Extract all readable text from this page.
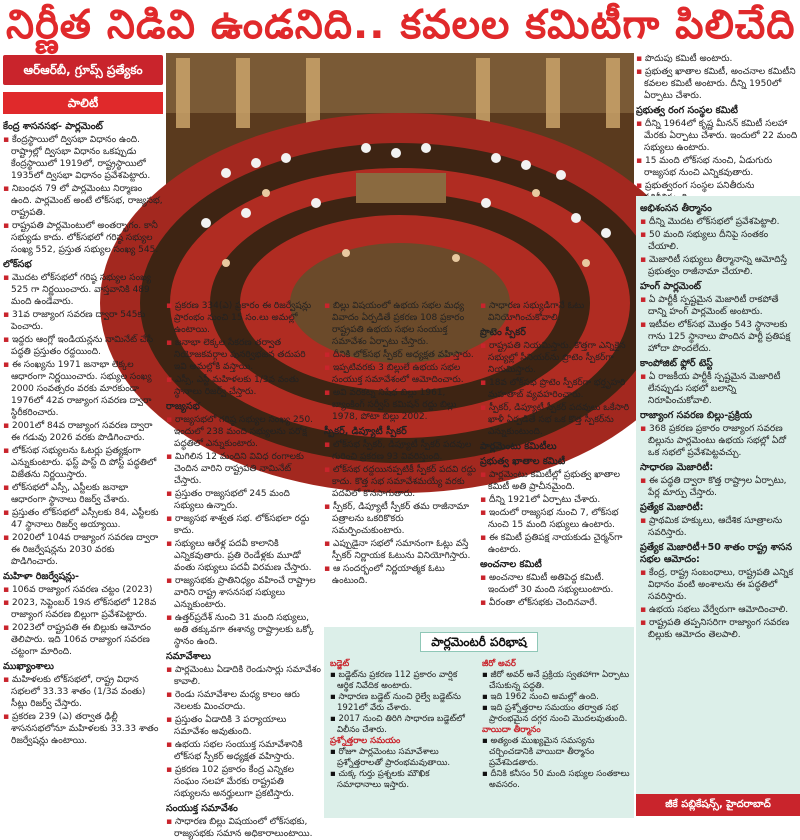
నిర్ణీత నిడివి ఉండనిది.. కవలల కమిటీగా పిలిచేది
ఆర్‌ఆర్‌బీ, గ్రూప్స్ ప్రత్యేకం
పాలిటీ

కేంద్ర శాసనసభ- పార్లమెంట్

▪ కేంద్రస్థాయిలో ద్విసభా విధానం ఉంది. రాష్ట్రాల్లో ద్విసభా విధానం ఒకప్పుడు కేంద్రస్థాయిలో 1919లో, రాష్ట్రస్థాయిలో 1935లో ద్విసభా విధానం ప్రవేశపెట్టారు.

▪ నిబంధన 79 లో పార్లమెంటు నిర్మాణం ఉంది. పార్లమెంట్ అంటే లోక్‌సభ, రాజ్యసభ, రాష్ట్రపతి.

▪ రాష్ట్రపతి పార్లమెంటులో అంతర్భాగం. కానీ సభ్యుడు కాదు. లోక్‌సభలో గరిష్ఠ సభ్యుల సంఖ్య 552, ప్రస్తుత సభ్యుల సంఖ్య 545.

లోక్‌సభ

▪ మొదట లోక్‌సభలో గరిష్ఠ సభ్యుల సంఖ్య 525 గా నిర్ణయించారు. వాస్తవానికి 489 మంది ఉండేవారు.

▪ 31వ రాజ్యాంగ సవరణ ద్వారా 545కు పెంచారు.

▪ ఇద్దరు ఆంగ్లో ఇండియన్లను నామినేట్ చేసే పద్ధతి ప్రస్తుతం రద్దయింది.

▪ ఈ సంఖ్యను 1971 జనాభా లెక్కల ఆధారంగా నిర్ణయించారు. సభ్యుల సంఖ్య 2000 సంవత్సరం వరకు మారకుండా 1976లో 42వ రాజ్యాంగ సవరణ ద్వారా స్థిరీకరించారు.

▪ 2001లో 84వ రాజ్యాంగ సవరణ ద్వారా ఈ గడువు 2026 వరకు పొడిగించారు.

▪ లోక్‌సభ సభ్యులను ఓటర్లు ప్రత్యక్షంగా ఎన్నుకుంటారు. ఫస్ట్ పాస్ట్ ది పోస్ట్ పద్ధతిలో విజేతను నిర్ణయిస్తారు.

▪ లోక్‌సభలో ఎస్సీ, ఎస్టీలకు జనాభా ఆధారంగా స్థానాలు రిజర్వ్ చేశారు.

▪ ప్రస్తుతం లోక్‌సభలో ఎస్సీలకు 84, ఎస్టీలకు 47 స్థానాలు రిజర్వ్ అయ్యాయి.

▪ 2020లో 104వ రాజ్యాంగ సవరణ ద్వారా ఈ రిజర్వేషన్లను 2030 వరకు పొడిగించారు.

మహిళా రిజర్వేషన్లు-

▪ 106వ రాజ్యాంగ సవరణ చట్టం (2023)

▪ 2023, సెప్టెంబర్ 19న లోక్‌సభలో 128వ రాజ్యాంగ సవరణ బిల్లుగా ప్రవేశపెట్టారు.

▪ 2023లో రాష్ట్రపతి ఈ బిల్లుకు ఆమోదం తెలిపారు. ఇది 106వ రాజ్యాంగ సవరణ చట్టంగా మారింది.

ముఖ్యాంశాలు

▪ మహిళలకు లోక్‌సభలో, రాష్ట్ర విధాన సభలలో 33.33 శాతం (1/3వ వంతు) సీట్లు రిజర్వ్ చేస్తారు.

▪ ప్రకరణ 239 (ఎ) తర్వాత ఢిల్లీ శాసనసభలోనూ మహిళలకు 33.33 శాతం రిజర్వేషన్లు ఉంటాయి.

▪ ప్రకరణ 334(ఎ) ప్రకారం ఈ రిజర్వేషన్లు ప్రారంభం నుంచి 15 సం.లు అమల్లో ఉంటాయి.

▪ జనాభా లెక్కల సేకరణ తర్వాత నియోజకవర్గాల పునర్విభజన తదుపరి ఇవి అమల్లోకి వస్తాయి.

▪ ఎస్సీ, ఎస్టీ మహిళలకు 1/3వ వంతు స్థానాలు రిజర్వ్ చేస్తారు.

రాజ్యసభ

▪ రాజ్యసభలో గరిష్ఠ సభ్యుల సంఖ్య 250. ఇందులో 238 మంది సభ్యులను పరోక్ష పద్ధతిలో ఎన్నుకుంటారు.

▪ మిగిలిన 12 మందిని వివిధ రంగాలకు చెందిన వారిని రాష్ట్రపతి నామినేట్ చేస్తారు.

▪ ప్రస్తుతం రాజ్యసభలో 245 మంది సభ్యులు ఉన్నారు.

▪ రాజ్యసభ శాశ్వత సభ. లోక్‌సభలా రద్దు కాదు.

▪ సభ్యులు ఆరేళ్ల పదవీ కాలానికి ఎన్నికవుతారు. ప్రతి రెండేళ్లకు మూడో వంతు సభ్యులు పదవీ విరమణ చేస్తారు.

▪ రాజ్యసభకు ప్రాతినిధ్యం వహించే రాష్ట్రాల వారిని రాష్ట్ర శాసనసభ సభ్యులు ఎన్నుకుంటారు.

▪ ఉత్తర్‌ప్రదేశ్ నుంచి 31 మంది సభ్యులు, అతి తక్కువగా ఈశాన్య రాష్ట్రాలకు ఒక్కో స్థానం ఉంది.

సమావేశాలు

▪ పార్లమెంటు ఏడాదికి రెండుసార్లు సమావేశం కావాలి.

▪ రెండు సమావేశాల మధ్య కాలం ఆరు నెలలకు మించరాదు.

▪ ప్రస్తుతం ఏడాదికి 3 పర్యాయాలు సమావేశం అవుతుంది.

▪ ఉభయ సభల సంయుక్త సమావేశానికి లోక్‌సభ స్పీకర్ అధ్యక్షత వహిస్తారు.

▪ ప్రకరణ 102 ప్రకారం కేంద్ర ఎన్నికల సంఘం సలహా మేరకు రాష్ట్రపతి సభ్యులను అనర్హులుగా ప్రకటిస్తారు.

సంయుక్త సమావేశం

▪ సాధారణ బిల్లు విషయంలో లోక్‌సభకు, రాజ్యసభకు సమాన అధికారాలుంటాయి.

▪ బిల్లు విషయంలో ఉభయ సభల మధ్య వివాదం ఏర్పడితే ప్రకరణ 108 ప్రకారం రాష్ట్రపతి ఉభయ సభల సంయుక్త సమావేశం ఏర్పాటు చేస్తారు.

▪ దీనికి లోక్‌సభ స్పీకర్ అధ్యక్షత వహిస్తారు.

▪ ఇప్పటివరకు 3 బిల్లులే ఉభయ సభల సంయుక్త సమావేశంలో ఆమోదించారు.

▪ అవి వరకట్న నిషేధ బిల్లు 1961, బ్యాంకింగ్ సర్వీస్ కమిషన్ రద్దు బిల్లు 1978, పోటా బిల్లు 2002.

స్పీకర్, డిప్యూటీ స్పీకర్

▪ లోక్‌సభ స్పీకర్, డిప్యూటీ స్పీకర్ పదవుల గురించి ప్రకరణ 93 వివరిస్తుంది.

▪ లోక్‌సభ రద్దయినప్పటికీ స్పీకర్ పదవి రద్దు కాదు. కొత్త సభ సమావేశమయ్యే వరకు పదవిలో కొనసాగుతారు.

▪ స్పీకర్, డిప్యూటీ స్పీకర్ తమ రాజీనామా పత్రాలను ఒకరికొకరు సమర్పించుకుంటారు.

▪ ఎప్పుడైనా సభలో సమానంగా ఓట్లు వస్తే స్పీకర్ నిర్ణాయక ఓటును వినియోగిస్తారు.

▪ ఆ సందర్భంలో నిర్ణయాత్మక ఓటు ఉంటుంది.

▪ సాధారణ సభ్యుడిగానే ఓటు వినియోగించుకోవాలి.

ప్రొటెం స్పీకర్

▪ రాష్ట్రపతి నియమిస్తారు. కొత్తగా ఎన్నికైన సభ్యుల్లో సీనియర్‌ను ప్రొటెం స్పీకర్‌గా నియమిస్తారు.

▪ 18వ లోక్‌సభ ప్రొటెం స్పీకర్‌గా భర్తృహరి మహతాబ్ వ్యవహరించారు.

▪ స్పీకర్, డిప్యూటీ స్పీకర్ పదవులు ఒకేసారి ఖాళీ ఏర్పడితే సభ ఒక కొత్త స్పీకర్‌ను ఎన్నుకుంటుంది.

పార్లమెంటు కమిటీలు

ప్రభుత్వ ఖాతాల కమిటీ

▪ పార్లమెంటు కమిటీల్లో ప్రభుత్వ ఖాతాల కమిటీ అతి ప్రాచీనమైంది.

▪ దీన్ని 1921లో ఏర్పాటు చేశారు.

▪ ఇందులో రాజ్యసభ నుంచి 7, లోక్‌సభ నుంచి 15 మంది సభ్యులు ఉంటారు.

▪ ఈ కమిటీ ప్రతిపక్ష నాయకుడు చైర్మన్‌గా ఉంటారు.

అంచనాల కమిటీ

▪ అంచనాల కమిటీ అతిపెద్ద కమిటీ. ఇందులో 30 మంది సభ్యులుంటారు.

▪ వీరంతా లోక్‌సభకు చెందినవారే.

▪ పొదుపు కమిటీ అంటారు.

▪ ప్రభుత్వ ఖాతాల కమిటీ, అంచనాల కమిటీని కవలల కమిటీ అంటారు. దీన్ని 1950లో ఏర్పాటు చేశారు.

ప్రభుత్వ రంగ సంస్థల కమిటీ

▪ దీన్ని 1964లో కృష్ణ మీనన్ కమిటీ సలహా మేరకు ఏర్పాటు చేశారు. ఇందులో 22 మంది సభ్యులు ఉంటారు.

▪ 15 మంది లోక్‌సభ నుంచి, ఏడుగురు రాజ్యసభ నుంచి ఎన్నికవుతారు.

▪ ప్రభుత్వరంగ సంస్థల పనితీరును

అభిశంసన తీర్మానం

▪ దీన్ని మొదట లోక్‌సభలో ప్రవేశపెట్టాలి.

▪ 50 మంది సభ్యులు దీనిపై సంతకం చేయాలి.

▪ మెజారిటీ సభ్యులు తీర్మానాన్ని ఆమోదిస్తే ప్రభుత్వం రాజీనామా చేయాలి.

హంగ్ పార్లమెంట్

▪ ఏ పార్టీకీ స్పష్టమైన మెజారిటీ రాకపోతే దాన్ని హంగ్ పార్లమెంట్ అంటారు.

▪ ఇటీవల లోక్‌సభ మొత్తం 543 స్థానాలకు గాను 125 స్థానాలు పొందిన పార్టీ ప్రతిపక్ష హోదా పొందలేదు.

కాంపోజిట్ ఫ్లోర్ టెస్ట్

▪ ఏ రాజకీయ పార్టీకీ స్పష్టమైన మెజారిటీ లేనప్పుడు సభలో బలాన్ని నిరూపించుకోవాలి.

రాజ్యాంగ సవరణ బిల్లు-ప్రక్రియ

▪ 368 ప్రకరణ ప్రకారం రాజ్యాంగ సవరణ బిల్లును పార్లమెంటు ఉభయ సభల్లో ఏదో ఒక సభలో ప్రవేశపెట్టవచ్చు.

సాధారణ మెజారిటీ:

▪ ఈ పద్ధతి ద్వారా కొత్త రాష్ట్రాల ఏర్పాటు, పేర్ల మార్పు చేస్తారు.

ప్రత్యేక మెజారిటీ:

▪ ప్రాథమిక హక్కులు, ఆదేశిక సూత్రాలను సవరిస్తారు.

ప్రత్యేక మెజారిటీ+50 శాతం రాష్ట్ర శాసన సభల ఆమోదం:

▪ కేంద్ర, రాష్ట్ర సంబంధాలు, రాష్ట్రపతి ఎన్నిక విధానం వంటి అంశాలను ఈ పద్ధతిలో సవరిస్తారు.

▪ ఉభయ సభలు వేర్వేరుగా ఆమోదించాలి.

▪ రాష్ట్రపతి తప్పనిసరిగా రాజ్యాంగ సవరణ బిల్లుకు ఆమోదం తెలపాలి.

పార్లమెంటరీ పరిభాష

బడ్జెట్

▪ బడ్జెట్‌ను ప్రకరణ 112 ప్రకారం వార్షిక ఆర్థిక నివేదిక అంటారు.

▪ సాధారణ బడ్జెట్ నుంచి రైల్వే బడ్జెట్‌ను 1921లో వేరు చేశారు.

▪ 2017 నుంచి తిరిగి సాధారణ బడ్జెట్‌లో విలీనం చేశారు.

ప్రశ్నోత్తరాల సమయం

▪ రోజూ పార్లమెంటు సమావేశాలు ప్రశ్నోత్తరాలతో ప్రారంభమవుతాయి.

▪ చుక్క గుర్తు ప్రశ్నలకు మౌఖిక సమాధానాలు ఇస్తారు.

జీరో అవర్

▪ జీరో అవర్ అనే ప్రక్రియ స్వతహాగా ఏర్పాటు చేసుకున్న పద్ధతి.

▪ ఇది 1962 నుంచి అమల్లో ఉంది.

▪ ఇది ప్రశ్నోత్తరాల సమయం తర్వాత సభ ప్రారంభమైన దగ్గర నుంచి మొదలవుతుంది.

వాయిదా తీర్మానం

▪ అత్యంత ముఖ్యమైన సమస్యను చర్చించడానికి వాయిదా తీర్మానం ప్రవేశపెడతారు.

▪ దీనికి కనీసం 50 మంది సభ్యుల సంతకాలు అవసరం.

జీకే పబ్లికేషన్స్, హైదరాబాద్
